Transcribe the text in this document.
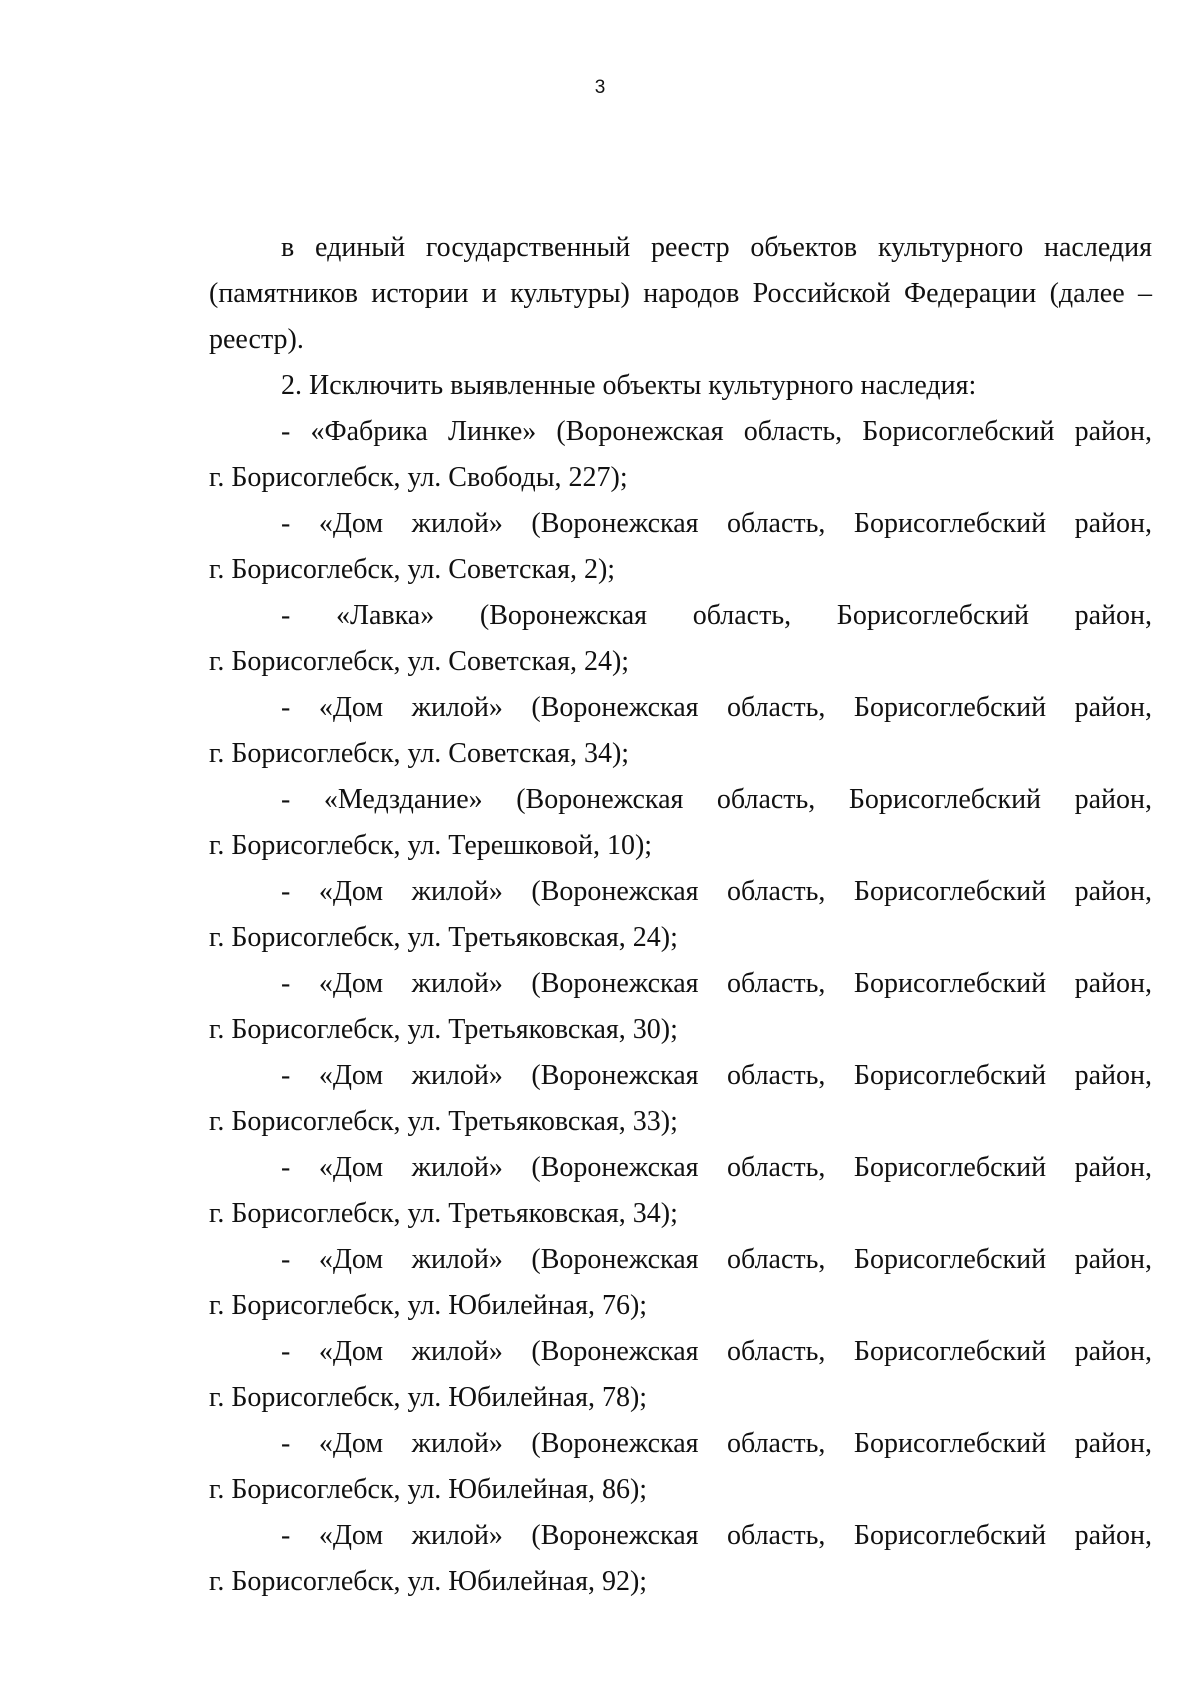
3

в единый государственный реестр объектов культурного наследия

(памятников истории и культуры) народов Российской Федерации (далее –

реестр).

2. Исключить выявленные объекты культурного наследия:

- «Фабрика Линке» (Воронежская область, Борисоглебский район,

г. Борисоглебск, ул. Свободы, 227);

- «Дом жилой» (Воронежская область, Борисоглебский район,

г. Борисоглебск, ул. Советская, 2);

- «Лавка» (Воронежская область, Борисоглебский район,

г. Борисоглебск, ул. Советская, 24);

- «Дом жилой» (Воронежская область, Борисоглебский район,

г. Борисоглебск, ул. Советская, 34);

- «Медздание» (Воронежская область, Борисоглебский район,

г. Борисоглебск, ул. Терешковой, 10);

- «Дом жилой» (Воронежская область, Борисоглебский район,

г. Борисоглебск, ул. Третьяковская, 24);

- «Дом жилой» (Воронежская область, Борисоглебский район,

г. Борисоглебск, ул. Третьяковская, 30);

- «Дом жилой» (Воронежская область, Борисоглебский район,

г. Борисоглебск, ул. Третьяковская, 33);

- «Дом жилой» (Воронежская область, Борисоглебский район,

г. Борисоглебск, ул. Третьяковская, 34);

- «Дом жилой» (Воронежская область, Борисоглебский район,

г. Борисоглебск, ул. Юбилейная, 76);

- «Дом жилой» (Воронежская область, Борисоглебский район,

г. Борисоглебск, ул. Юбилейная, 78);

- «Дом жилой» (Воронежская область, Борисоглебский район,

г. Борисоглебск, ул. Юбилейная, 86);

- «Дом жилой» (Воронежская область, Борисоглебский район,

г. Борисоглебск, ул. Юбилейная, 92);
